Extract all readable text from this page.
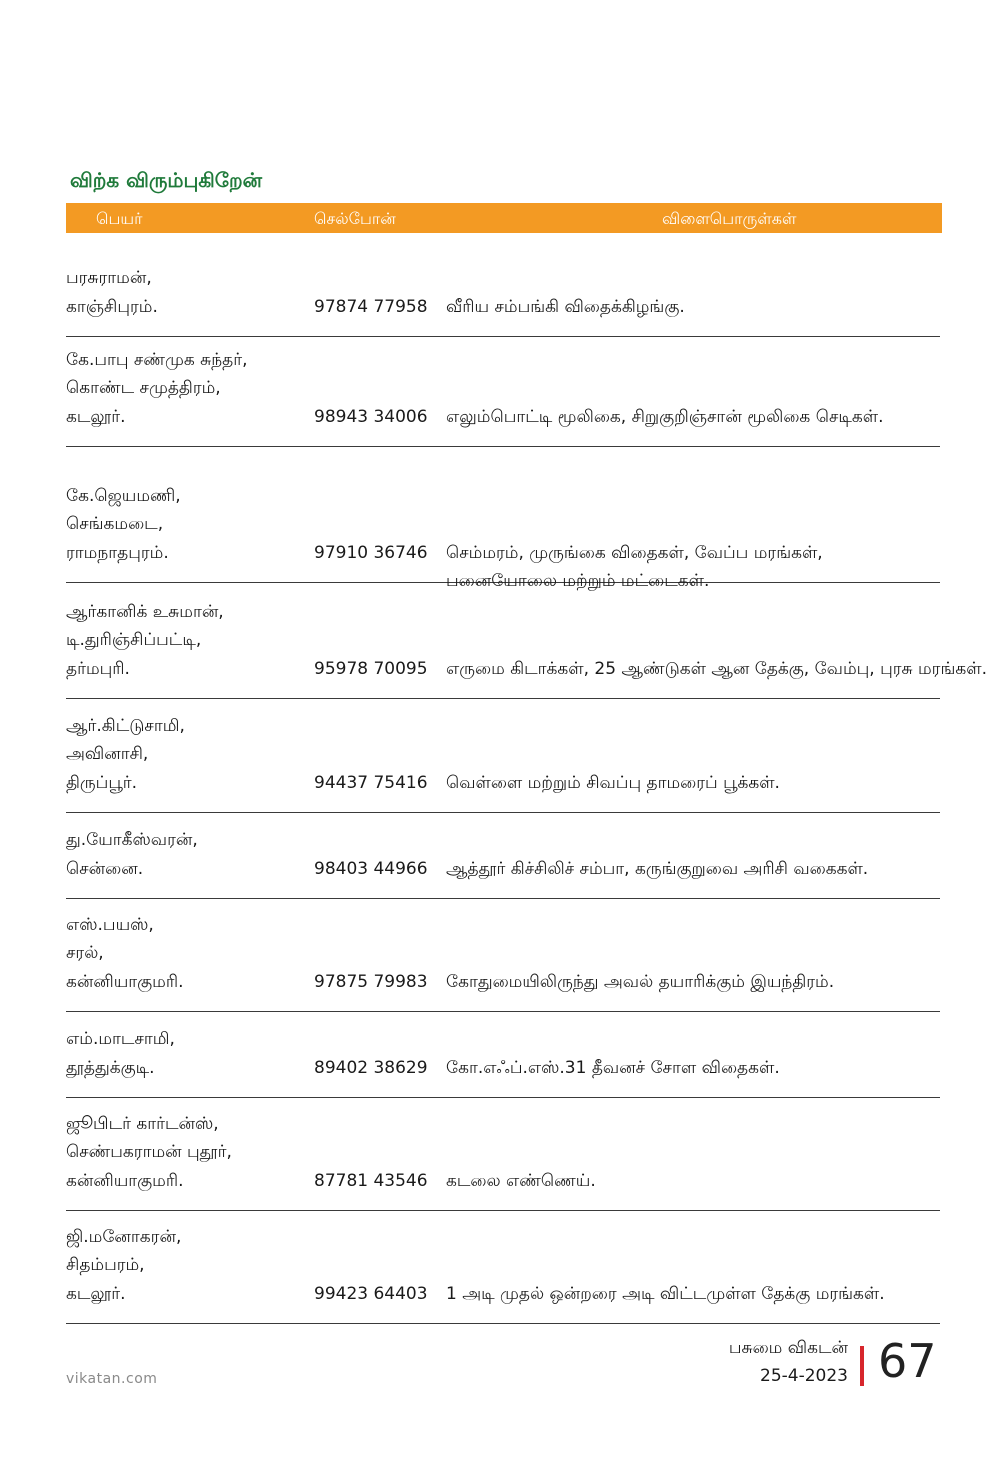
விற்க விரும்புகிறேன்
பெயர்	செல்போன்	விளைபொருள்கள்
பரசுராமன்,
காஞ்சிபுரம்.	97874 77958 வீரிய சம்பங்கி விதைக்கிழங்கு.
கே.பாபு சண்முக சுந்தர்,
கொண்ட சமுத்திரம்,
கடலூர்.	98943 34006 எலும்பொட்டி மூலிகை, சிறுகுறிஞ்சான் மூலிகை செடிகள்.
கே.ஜெயமணி,
செங்கமடை,
ராமநாதபுரம்.	97910 36746 செம்மரம், முருங்கை விதைகள், வேப்ப மரங்கள்,
பனையோலை மற்றும் மட்டைகள்.
ஆர்கானிக் உசுமான்,
டி.துரிஞ்சிப்பட்டி,
தர்மபுரி.	95978 70095 எருமை கிடாக்கள், 25 ஆண்டுகள் ஆன தேக்கு, வேம்பு, புரசு மரங்கள்.
ஆர்.கிட்டுசாமி,
அவினாசி,
திருப்பூர்.	94437 75416 வெள்ளை மற்றும் சிவப்பு தாமரைப் பூக்கள்.
து.யோகீஸ்வரன்,
சென்னை.	98403 44966 ஆத்தூர் கிச்சிலிச் சம்பா, கருங்குறுவை அரிசி வகைகள்.
எஸ்.பயஸ்,
சரல்,
கன்னியாகுமரி.	97875 79983 கோதுமையிலிருந்து அவல் தயாரிக்கும் இயந்திரம்.
எம்.மாடசாமி,
தூத்துக்குடி.	89402 38629 கோ.எஃப்.எஸ்.31 தீவனச் சோள விதைகள்.
ஜூபிடர் கார்டன்ஸ்,
செண்பகராமன் புதூர்,
கன்னியாகுமரி.	87781 43546 கடலை எண்ணெய்.
ஜி.மனோகரன்,
சிதம்பரம்,
கடலூர்.	99423 64403 1 அடி முதல் ஒன்றரை அடி விட்டமுள்ள தேக்கு மரங்கள்.
vikatan.com
பசுமை விகடன்
25-4-2023 67
